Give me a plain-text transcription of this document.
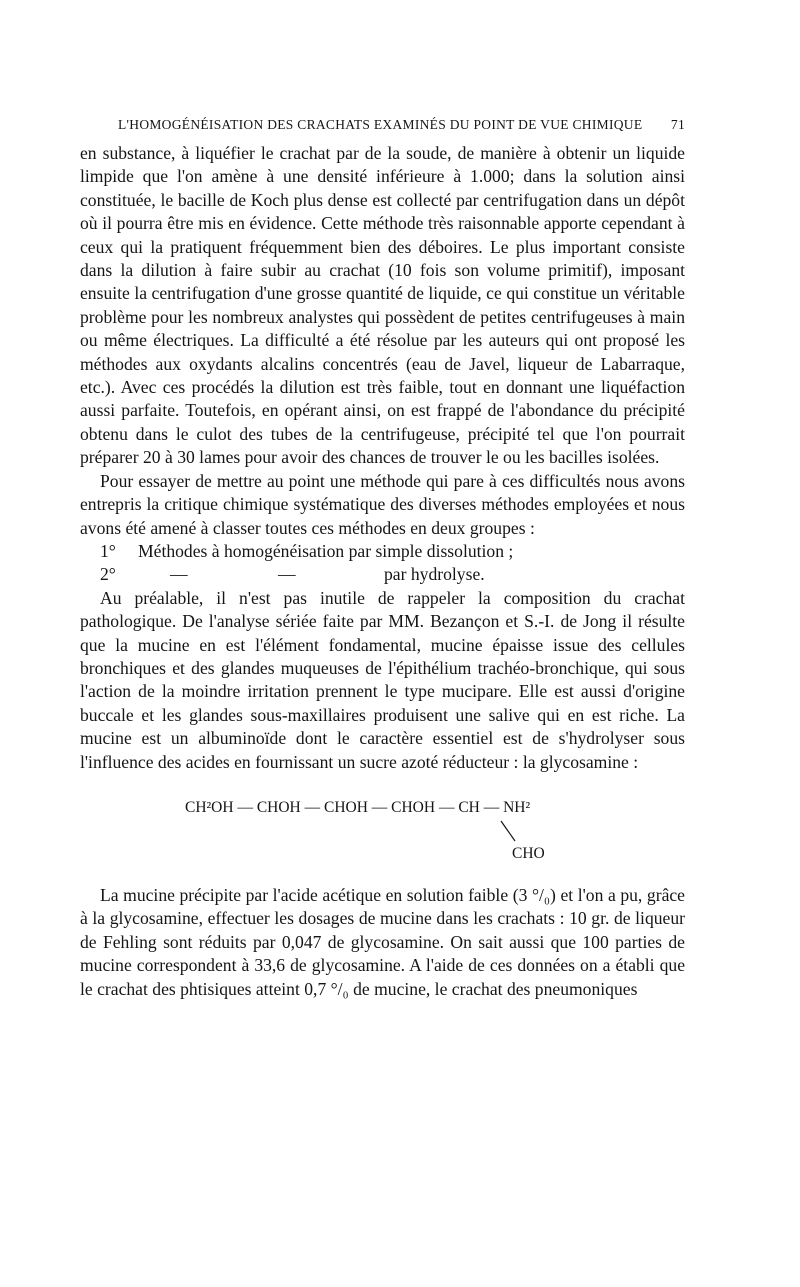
L'HOMOGÉNÉISATION DES CRACHATS EXAMINÉS DU POINT DE VUE CHIMIQUE 71

en substance, à liquéfier le crachat par de la soude, de manière à obtenir un liquide limpide que l'on amène à une densité inférieure à 1.000; dans la solution ainsi constituée, le bacille de Koch plus dense est collecté par centrifugation dans un dépôt où il pourra être mis en évidence. Cette méthode très raisonnable apporte cependant à ceux qui la pratiquent fréquemment bien des déboires. Le plus important consiste dans la dilution à faire subir au crachat (10 fois son volume primitif), imposant ensuite la centrifugation d'une grosse quantité de liquide, ce qui constitue un véritable problème pour les nombreux analystes qui possèdent de petites centrifugeuses à main ou même électriques. La difficulté a été résolue par les auteurs qui ont proposé les méthodes aux oxydants alcalins concentrés (eau de Javel, liqueur de Labarraque, etc.). Avec ces procédés la dilution est très faible, tout en donnant une liquéfaction aussi parfaite. Toutefois, en opérant ainsi, on est frappé de l'abondance du précipité obtenu dans le culot des tubes de la centrifugeuse, précipité tel que l'on pourrait préparer 20 à 30 lames pour avoir des chances de trouver le ou les bacilles isolées.

Pour essayer de mettre au point une méthode qui pare à ces difficultés nous avons entrepris la critique chimique systématique des diverses méthodes employées et nous avons été amené à classer toutes ces méthodes en deux groupes :

1° Méthodes à homogénéisation par simple dissolution ;
2°	—	—	par hydrolyse.

Au préalable, il n'est pas inutile de rappeler la composition du crachat pathologique. De l'analyse sériée faite par MM. Bezançon et S.-I. de Jong il résulte que la mucine en est l'élément fondamental, mucine épaisse issue des cellules bronchiques et des glandes muqueuses de l'épithélium trachéo-bronchique, qui sous l'action de la moindre irritation prennent le type mucipare. Elle est aussi d'origine buccale et les glandes sous-maxillaires produisent une salive qui en est riche. La mucine est un albuminoïde dont le caractère essentiel est de s'hydrolyser sous l'influence des acides en fournissant un sucre azoté réducteur : la glycosamine :

CH²OH — CHOH — CHOH — CHOH — CH — NH²
CHO

La mucine précipite par l'acide acétique en solution faible (3 °/₀) et l'on a pu, grâce à la glycosamine, effectuer les dosages de mucine dans les crachats : 10 gr. de liqueur de Fehling sont réduits par 0,047 de glycosamine. On sait aussi que 100 parties de mucine correspondent à 33,6 de glycosamine. A l'aide de ces données on a établi que le crachat des phtisiques atteint 0,7 °/₀ de mucine, le crachat des pneumoniques
